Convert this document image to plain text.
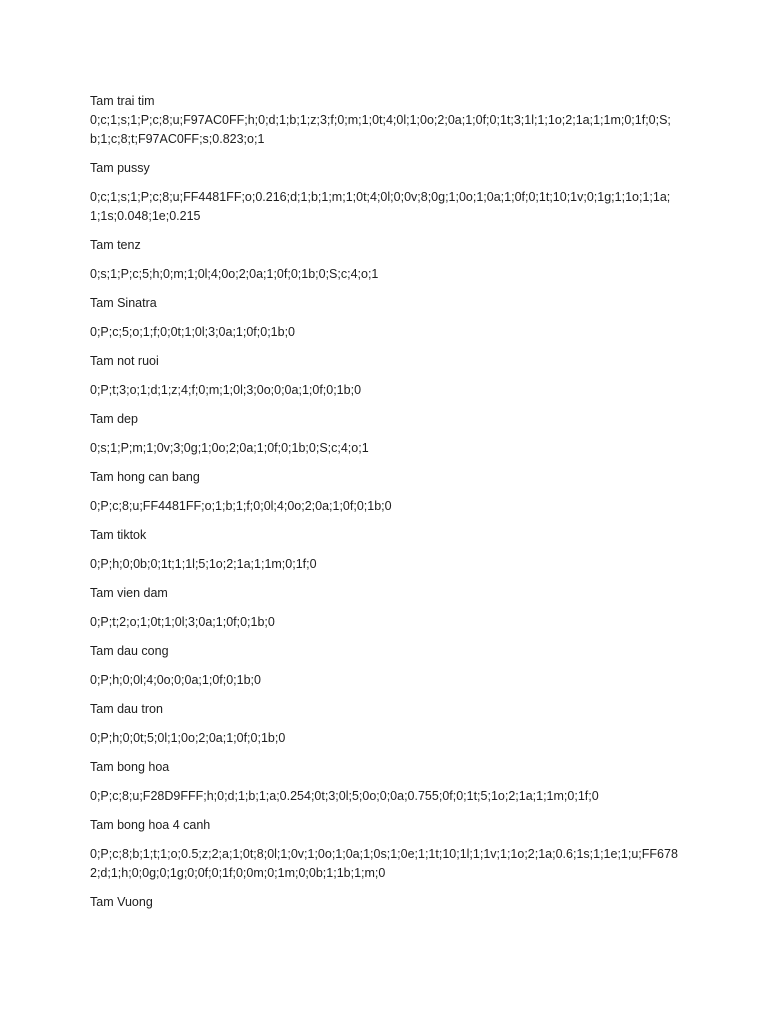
Tam trai tim
0;c;1;s;1;P;c;8;u;F97AC0FF;h;0;d;1;b;1;z;3;f;0;m;1;0t;4;0l;1;0o;2;0a;1;0f;0;1t;3;1l;1;1o;2;1a;1;1m;0;1f;0;S;b;1;c;8;t;F97AC0FF;s;0.823;o;1
Tam pussy
0;c;1;s;1;P;c;8;u;FF4481FF;o;0.216;d;1;b;1;m;1;0t;4;0l;0;0v;8;0g;1;0o;1;0a;1;0f;0;1t;10;1v;0;1g;1;1o;1;1a;1;1s;0.048;1e;0.215
Tam tenz
0;s;1;P;c;5;h;0;m;1;0l;4;0o;2;0a;1;0f;0;1b;0;S;c;4;o;1
Tam Sinatra
0;P;c;5;o;1;f;0;0t;1;0l;3;0a;1;0f;0;1b;0
Tam not ruoi
0;P;t;3;o;1;d;1;z;4;f;0;m;1;0l;3;0o;0;0a;1;0f;0;1b;0
Tam dep
0;s;1;P;m;1;0v;3;0g;1;0o;2;0a;1;0f;0;1b;0;S;c;4;o;1
Tam hong can bang
0;P;c;8;u;FF4481FF;o;1;b;1;f;0;0l;4;0o;2;0a;1;0f;0;1b;0
Tam tiktok
0;P;h;0;0b;0;1t;1;1l;5;1o;2;1a;1;1m;0;1f;0
Tam vien dam
0;P;t;2;o;1;0t;1;0l;3;0a;1;0f;0;1b;0
Tam dau cong
0;P;h;0;0l;4;0o;0;0a;1;0f;0;1b;0
Tam dau tron
0;P;h;0;0t;5;0l;1;0o;2;0a;1;0f;0;1b;0
Tam bong hoa
0;P;c;8;u;F28D9FFF;h;0;d;1;b;1;a;0.254;0t;3;0l;5;0o;0;0a;0.755;0f;0;1t;5;1o;2;1a;1;1m;0;1f;0
Tam bong hoa 4 canh
0;P;c;8;b;1;t;1;o;0.5;z;2;a;1;0t;8;0l;1;0v;1;0o;1;0a;1;0s;1;0e;1;1t;10;1l;1;1v;1;1o;2;1a;0.6;1s;1;1e;1;u;FF6782;d;1;h;0;0g;0;1g;0;0f;0;1f;0;0m;0;1m;0;0b;1;1b;1;m;0
Tam Vuong
